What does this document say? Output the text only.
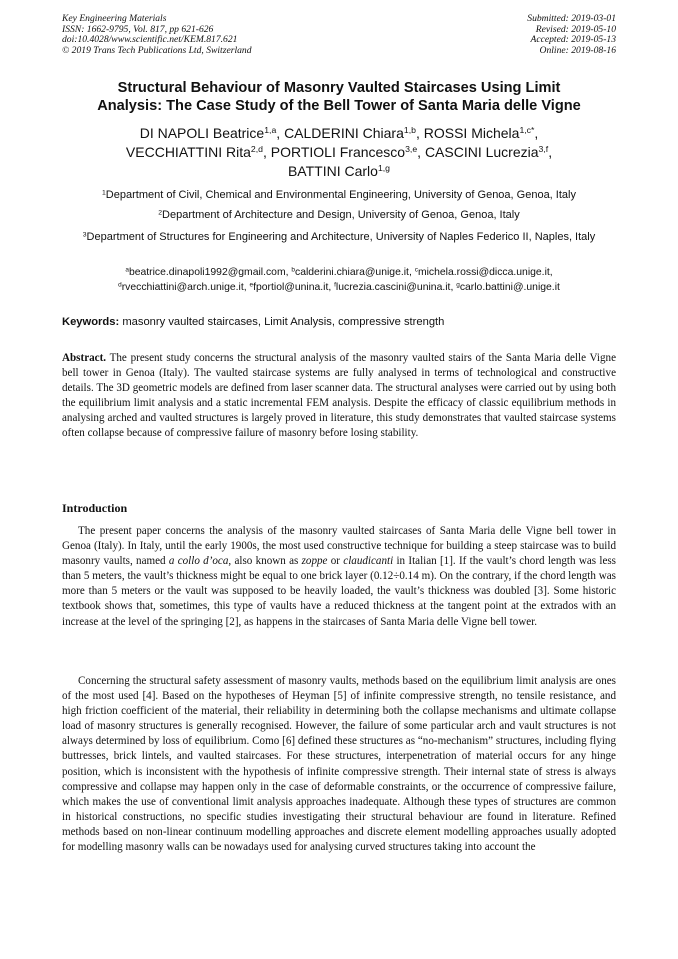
Key Engineering Materials
ISSN: 1662-9795, Vol. 817, pp 621-626
doi:10.4028/www.scientific.net/KEM.817.621
© 2019 Trans Tech Publications Ltd, Switzerland
Submitted: 2019-03-01
Revised: 2019-05-10
Accepted: 2019-05-13
Online: 2019-08-16
Structural Behaviour of Masonry Vaulted Staircases Using Limit
Analysis: The Case Study of the Bell Tower of Santa Maria delle Vigne
DI NAPOLI Beatrice$^{1,a}$, CALDERINI Chiara$^{1,b}$, ROSSI Michela$^{1,c*}$,
VECCHIATTINI Rita$^{2,d}$, PORTIOLI Francesco$^{3,e}$, CASCINI Lucrezia$^{3,f}$,
BATTINI Carlo$^{1,g}$
$^1$Department of Civil, Chemical and Environmental Engineering, University of Genoa, Genoa, Italy
$^2$Department of Architecture and Design, University of Genoa, Genoa, Italy
$^3$Department of Structures for Engineering and Architecture, University of Naples Federico II, Naples, Italy
$^a$beatrice.dinapoli1992@gmail.com, $^b$calderini.chiara@unige.it, $^c$michela.rossi@dicca.unige.it,
$^d$rvecchiattini@arch.unige.it, $^e$fportiol@unina.it, $^f$lucrezia.cascini@unina.it, $^g$carlo.battini@.unige.it
Keywords: masonry vaulted staircases, Limit Analysis, compressive strength
Abstract. The present study concerns the structural analysis of the masonry vaulted stairs of the Santa Maria delle Vigne bell tower in Genoa (Italy). The vaulted staircase systems are fully analysed in terms of technological and constructive details. The 3D geometric models are defined from laser scanner data. The structural analyses were carried out by using both the equilibrium limit analysis and a static incremental FEM analysis. Despite the efficacy of classic equilibrium methods in analysing arched and vaulted structures is largely proved in literature, this study demonstrates that vaulted staircase systems often collapse because of compressive failure of masonry before losing stability.
Introduction
The present paper concerns the analysis of the masonry vaulted staircases of Santa Maria delle Vigne bell tower in Genoa (Italy). In Italy, until the early 1900s, the most used constructive technique for building a steep staircase was to build masonry vaults, named a collo d’oca, also known as zoppe or claudicanti in Italian [1]. If the vault’s chord length was less than 5 meters, the vault’s thickness might be equal to one brick layer (0.12÷0.14 m). On the contrary, if the chord length was more than 5 meters or the vault was supposed to be heavily loaded, the vault’s thickness was doubled [3]. Some historic textbook shows that, sometimes, this type of vaults have a reduced thickness at the tangent point at the extrados with an increase at the level of the springing [2], as happens in the staircases of Santa Maria delle Vigne bell tower.
Concerning the structural safety assessment of masonry vaults, methods based on the equilibrium limit analysis are ones of the most used [4]. Based on the hypotheses of Heyman [5] of infinite compressive strength, no tensile resistance, and high friction coefficient of the material, their reliability in determining both the collapse mechanisms and ultimate collapse load of masonry structures is generally recognised. However, the failure of some particular arch and vault structures is not always determined by loss of equilibrium. Como [6] defined these structures as “no-mechanism” structures, including flying buttresses, brick lintels, and vaulted staircases. For these structures, interpenetration of material occurs for any hinge position, which is inconsistent with the hypothesis of infinite compressive strength. Their internal state of stress is always compressive and collapse may happen only in the case of deformable constraints, or the occurrence of compressive failure, which makes the use of conventional limit analysis approaches inadequate. Although these types of structures are common in historical constructions, no specific studies investigating their structural behaviour are found in literature. Refined methods based on non-linear continuum modelling approaches and discrete element modelling approaches usually adopted for modelling masonry walls can be nowadays used for analysing curved structures taking into account the
